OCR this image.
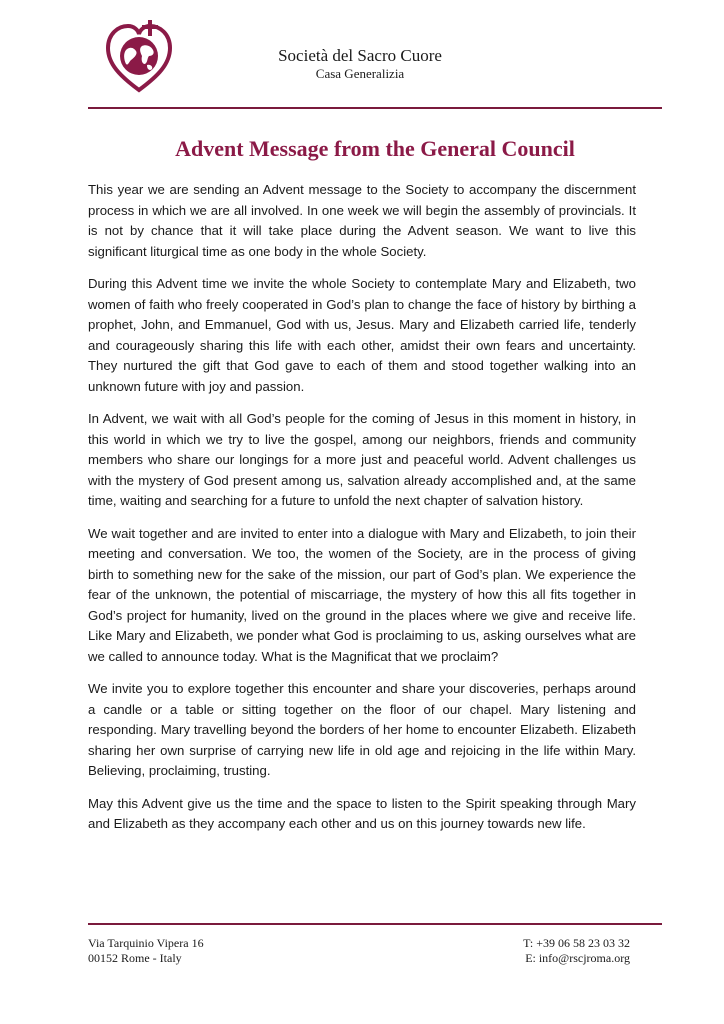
Società del Sacro Cuore
Casa Generalizia
Advent Message from the General Council

This year we are sending an Advent message to the Society to accompany the discernment process in which we are all involved. In one week we will begin the assembly of provincials. It is not by chance that it will take place during the Advent season. We want to live this significant liturgical time as one body in the whole Society.

During this Advent time we invite the whole Society to contemplate Mary and Elizabeth, two women of faith who freely cooperated in God’s plan to change the face of history by birthing a prophet, John, and Emmanuel, God with us, Jesus. Mary and Elizabeth carried life, tenderly and courageously sharing this life with each other, amidst their own fears and uncertainty. They nurtured the gift that God gave to each of them and stood together walking into an unknown future with joy and passion.

In Advent, we wait with all God’s people for the coming of Jesus in this moment in history, in this world in which we try to live the gospel, among our neighbors, friends and community members who share our longings for a more just and peaceful world. Advent challenges us with the mystery of God present among us, salvation already accomplished and, at the same time, waiting and searching for a future to unfold the next chapter of salvation history.

We wait together and are invited to enter into a dialogue with Mary and Elizabeth, to join their meeting and conversation. We too, the women of the Society, are in the process of giving birth to something new for the sake of the mission, our part of God’s plan. We experience the fear of the unknown, the potential of miscarriage, the mystery of how this all fits together in God’s project for humanity, lived on the ground in the places where we give and receive life. Like Mary and Elizabeth, we ponder what God is proclaiming to us, asking ourselves what are we called to announce today. What is the Magnificat that we proclaim?

We invite you to explore together this encounter and share your discoveries, perhaps around a candle or a table or sitting together on the floor of our chapel. Mary listening and responding. Mary travelling beyond the borders of her home to encounter Elizabeth. Elizabeth sharing her own surprise of carrying new life in old age and rejoicing in the life within Mary. Believing, proclaiming, trusting.

May this Advent give us the time and the space to listen to the Spirit speaking through Mary and Elizabeth as they accompany each other and us on this journey towards new life.

Via Tarquinio Vipera 16
00152 Rome - Italy
T: +39 06 58 23 03 32
E: info@rscjroma.org
